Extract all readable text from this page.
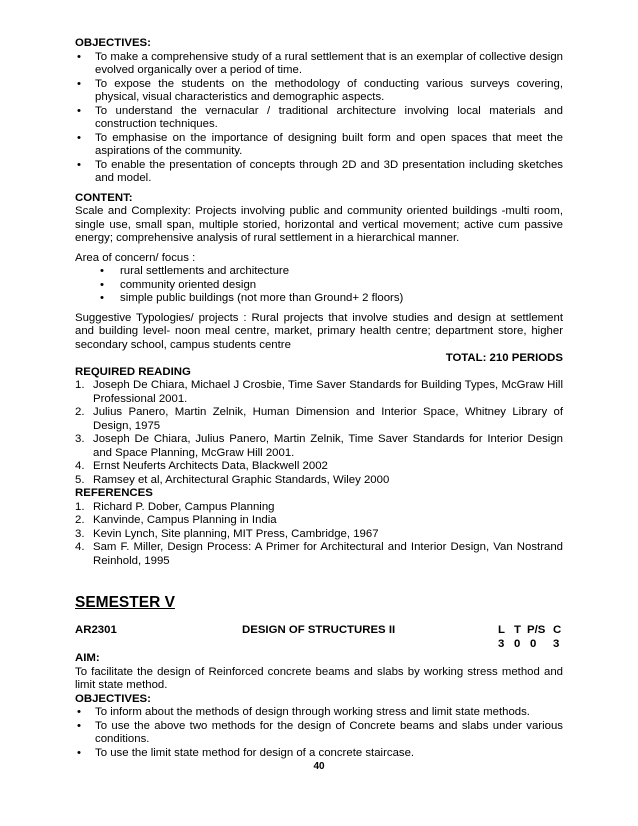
OBJECTIVES:
• To make a comprehensive study of a rural settlement that is an exemplar of collective design evolved organically over a period of time.
• To expose the students on the methodology of conducting various surveys covering, physical, visual characteristics and demographic aspects.
• To understand the vernacular / traditional architecture involving local materials and construction techniques.
• To emphasise on the importance of designing built form and open spaces that meet the aspirations of the community.
• To enable the presentation of concepts through 2D and 3D presentation including sketches and model.
CONTENT:
Scale and Complexity: Projects involving public and community oriented buildings -multi room, single use, small span, multiple storied, horizontal and vertical movement; active cum passive energy; comprehensive analysis of rural settlement in a hierarchical manner.
Area of concern/ focus :
• rural settlements and architecture
• community oriented design
• simple public buildings (not more than Ground+ 2 floors)
Suggestive Typologies/ projects : Rural projects that involve studies and design at settlement and building level- noon meal centre, market, primary health centre; department store, higher secondary school, campus students centre
TOTAL: 210 PERIODS
REQUIRED READING
1. Joseph De Chiara, Michael J Crosbie, Time Saver Standards for Building Types, McGraw Hill Professional 2001.
2. Julius Panero, Martin Zelnik, Human Dimension and Interior Space, Whitney Library of Design, 1975
3. Joseph De Chiara, Julius Panero, Martin Zelnik, Time Saver Standards for Interior Design and Space Planning, McGraw Hill 2001.
4. Ernst Neuferts Architects Data, Blackwell 2002
5. Ramsey et al, Architectural Graphic Standards, Wiley 2000
REFERENCES
1. Richard P. Dober, Campus Planning
2. Kanvinde, Campus Planning in India
3. Kevin Lynch, Site planning, MIT Press, Cambridge, 1967
4. Sam F. Miller, Design Process: A Primer for Architectural and Interior Design, Van Nostrand Reinhold, 1995
SEMESTER V
AR2301	DESIGN OF STRUCTURES II	L T P/S C
3 0 0 3
AIM:
To facilitate the design of Reinforced concrete beams and slabs by working stress method and limit state method.
OBJECTIVES:
• To inform about the methods of design through working stress and limit state methods.
• To use the above two methods for the design of Concrete beams and slabs under various conditions.
• To use the limit state method for design of a concrete staircase.
40
